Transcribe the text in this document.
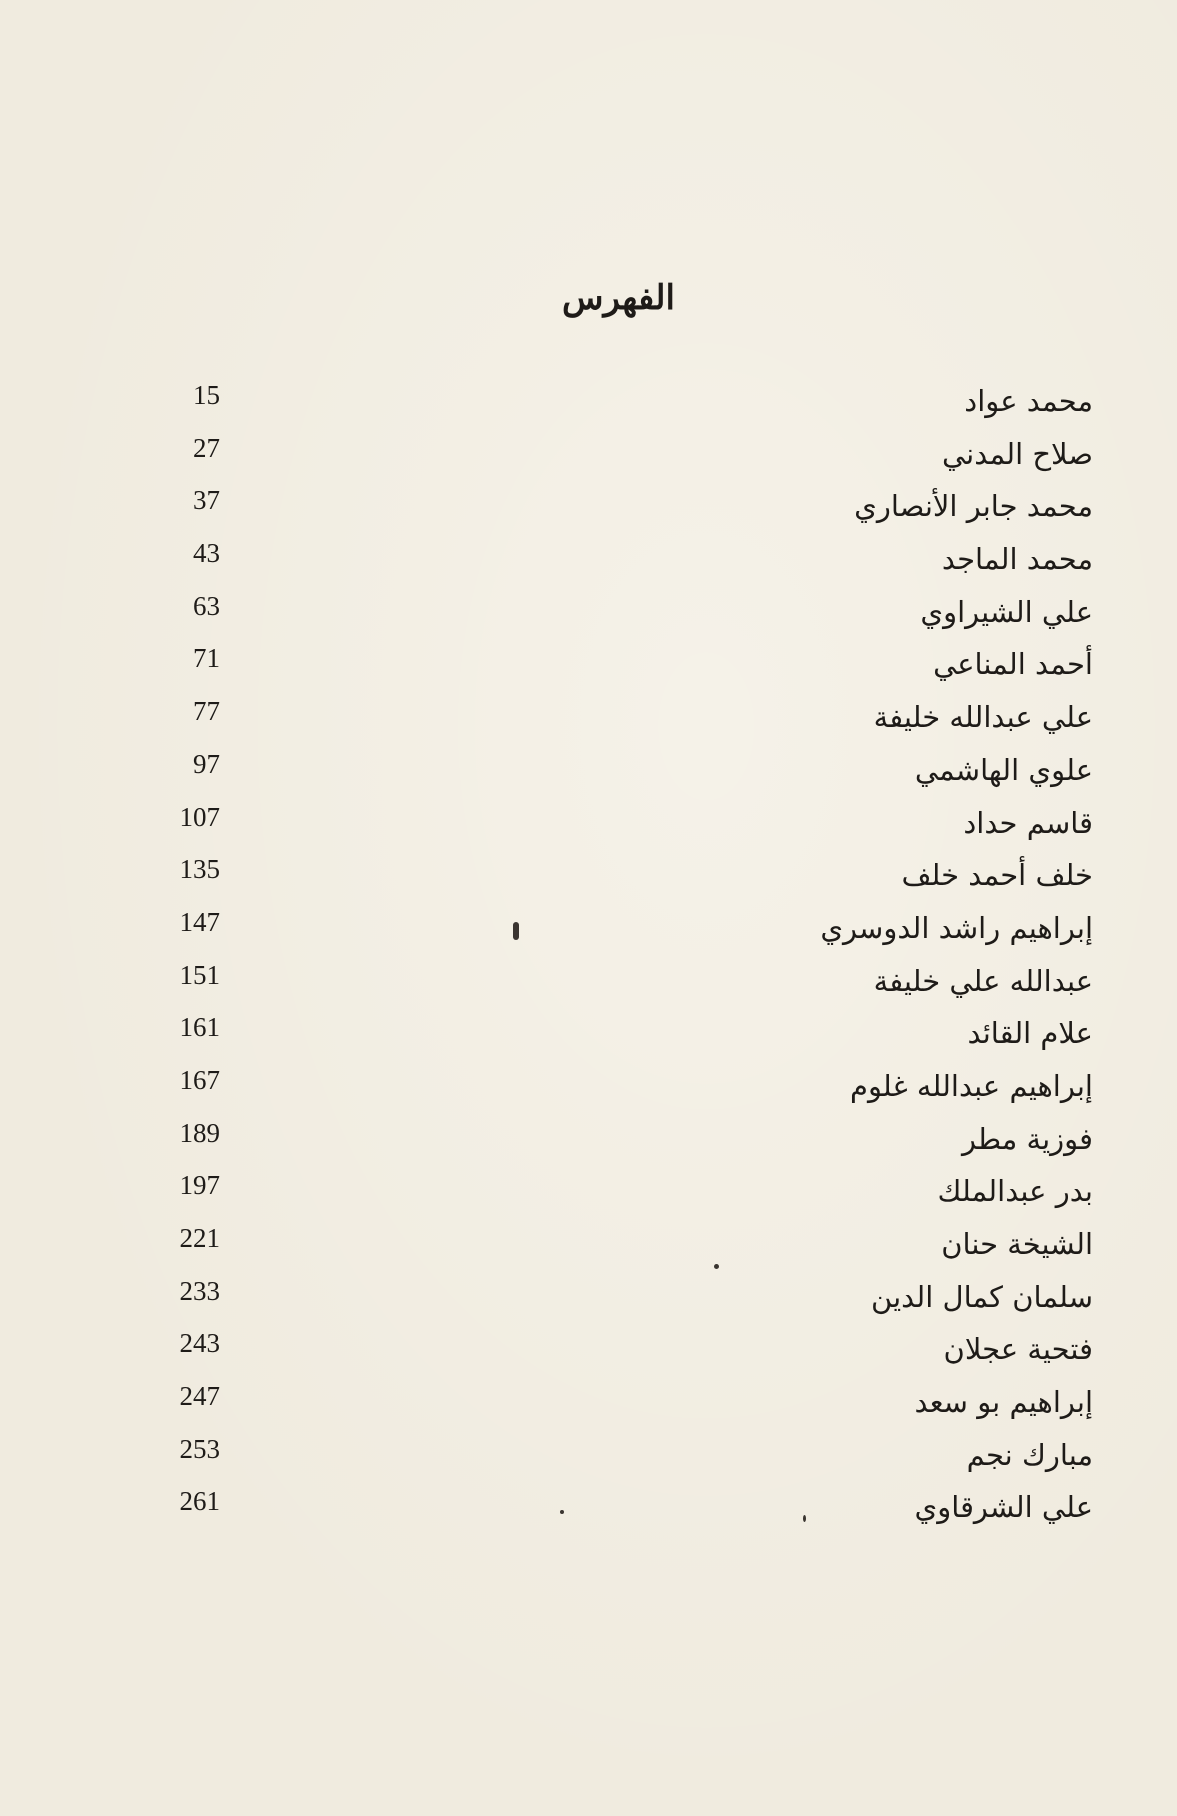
الفهرس
محمد عواد
15
صلاح المدني
27
محمد جابر الأنصاري
37
محمد الماجد
43
علي الشيراوي
63
أحمد المناعي
71
علي عبدالله خليفة
77
علوي الهاشمي
97
قاسم حداد
107
خلف أحمد خلف
135
إبراهيم راشد الدوسري
147
عبدالله علي خليفة
151
علام القائد
161
إبراهيم عبدالله غلوم
167
فوزية مطر
189
بدر عبدالملك
197
الشيخة حنان
221
سلمان كمال الدين
233
فتحية عجلان
243
إبراهيم بو سعد
247
مبارك نجم
253
علي الشرقاوي
261
